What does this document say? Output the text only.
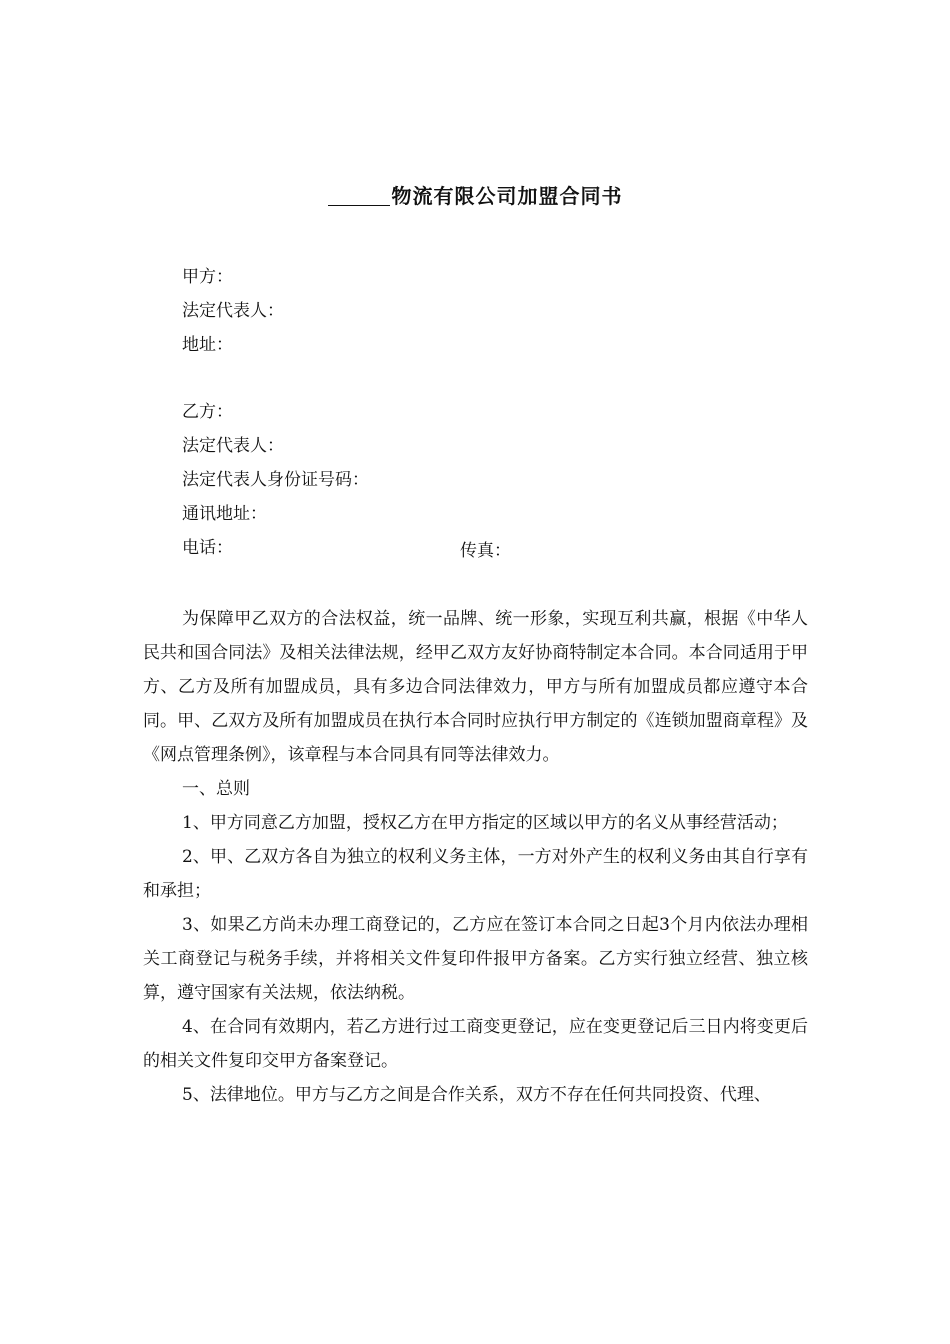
物流有限公司加盟合同书
甲方：
法定代表人：
地址：
乙方：
法定代表人：
法定代表人身份证号码：
通讯地址：
电话：	传真：

为保障甲乙双方的合法权益，统一品牌、统一形象，实现互利共赢，根据《中华人民共和国合同法》及相关法律法规，经甲乙双方友好协商特制定本合同。本合同适用于甲方、乙方及所有加盟成员，具有多边合同法律效力，甲方与所有加盟成员都应遵守本合同。甲、乙双方及所有加盟成员在执行本合同时应执行甲方制定的《连锁加盟商章程》及《网点管理条例》，该章程与本合同具有同等法律效力。

一、总则

1、甲方同意乙方加盟，授权乙方在甲方指定的区域以甲方的名义从事经营活动；

2、甲、乙双方各自为独立的权利义务主体，一方对外产生的权利义务由其自行享有和承担；

3、如果乙方尚未办理工商登记的，乙方应在签订本合同之日起3个月内依法办理相关工商登记与税务手续，并将相关文件复印件报甲方备案。乙方实行独立经营、独立核算，遵守国家有关法规，依法纳税。

4、在合同有效期内，若乙方进行过工商变更登记，应在变更登记后三日内将变更后的相关文件复印交甲方备案登记。

5、法律地位。甲方与乙方之间是合作关系，双方不存在任何共同投资、代理、
